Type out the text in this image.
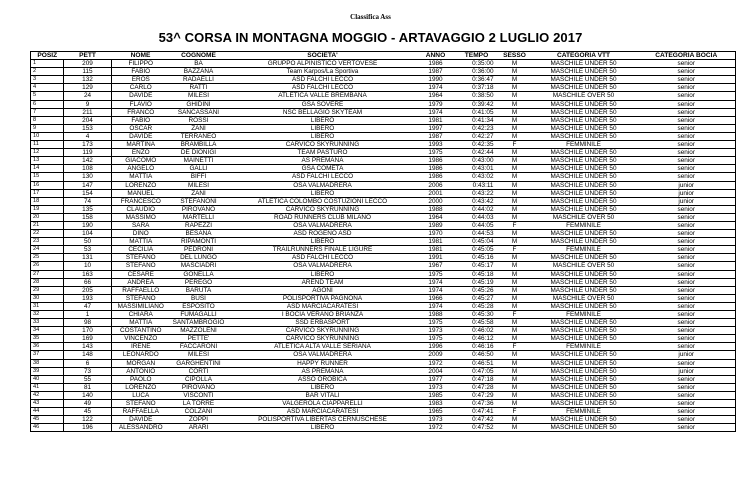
Classifica Ass
53^ CORSA IN MONTAGNA MOGGIO - ARTAVAGGIO 2 LUGLIO 2017
POSIZ	PETT	NOME	COGNOME	SOCIETA'	ANNO	TEMPO	SESSO	CATEGORIA VTT	CATEGORIA BOCIA
1	209	FILIPPO	BA	GRUPPO ALPINISTICO VERTOVESE	1986	0:35:00	M	MASCHILE UNDER 50	senior
2	115	FABIO	BAZZANA	Team Karpos/La Sportiva	1987	0:36:00	M	MASCHILE UNDER 50	senior
3	132	EROS	RADAELLI	ASD FALCHI LECCO	1990	0:36:47	M	MASCHILE UNDER 50	senior
4	129	CARLO	RATTI	ASD FALCHI LECCO	1974	0:37:18	M	MASCHILE UNDER 50	senior
5	24	DAVIDE	MILESI	ATLETICA VALLE BREMBANA	1964	0:38:50	M	MASCHILE OVER 50	senior
6	9	FLAVIO	GHIDINI	GSA SOVERE	1979	0:39:42	M	MASCHILE UNDER 50	senior
7	211	FRANCO	SANCASSANI	NSC BELLAGIO SKYTEAM	1974	0:41:05	M	MASCHILE UNDER 50	senior
8	204	FABIO	ROSSI	LIBERO	1981	0:41:34	M	MASCHILE UNDER 50	senior
9	153	OSCAR	ZANI	LIBERO	1997	0:42:23	M	MASCHILE UNDER 50	senior
10	4	DAVIDE	TERRANEO	LIBERO	1987	0:42:27	M	MASCHILE UNDER 50	senior
11	173	MARTINA	BRAMBILLA	CARVICO SKYRUNNING	1993	0:42:35	F	FEMMINILE	senior
12	119	ENZO	DE DIONIGI	TEAM PASTURO	1975	0:42:44	M	MASCHILE UNDER 50	senior
13	142	GIACOMO	MAINETTI	AS PREMANA	1986	0:43:00	M	MASCHILE UNDER 50	senior
14	108	ANGELO	GALLI	GSA COMETA	1986	0:43:01	M	MASCHILE UNDER 50	senior
15	130	MATTIA	BIFFI	ASD FALCHI LECCO	1986	0:43:02	M	MASCHILE UNDER 50	senior
16	147	LORENZO	MILESI	OSA VALMADRERA	2006	0:43:11	M	MASCHILE UNDER 50	junior
17	154	MANUEL	ZANI	LIBERO	2001	0:43:22	M	MASCHILE UNDER 50	junior
18	74	FRANCESCO	STEFANONI	ATLETICA COLOMBO COSTUZIONI LECCO	2000	0:43:42	M	MASCHILE UNDER 50	junior
19	135	CLAUDIO	PIROVANO	CARVICO SKYRUNNING	1988	0:44:02	M	MASCHILE UNDER 50	senior
20	158	MASSIMO	MARTELLI	ROAD RUNNERS CLUB MILANO	1964	0:44:03	M	MASCHILE OVER 50	senior
21	190	SARA	RAPEZZI	OSA VALMADRERA	1989	0:44:05	F	FEMMINILE	senior
22	104	DINO	BESANA	ASD ROGENO ASD	1970	0:44:53	M	MASCHILE UNDER 50	senior
23	50	MATTIA	RIPAMONTI	LIBERO	1981	0:45:04	M	MASCHILE UNDER 50	senior
24	53	CECILIA	PEDRONI	TRAILRUNNERS FINALE LIGURE	1981	0:45:05	F	FEMMINILE	senior
25	131	STEFANO	DEL LUNGO	ASD FALCHI LECCO	1991	0:45:16	M	MASCHILE UNDER 50	senior
26	10	STEFANO	MASCIADRI	OSA VALMADRERA	1967	0:45:17	M	MASCHILE OVER 50	senior
27	163	CESARE	GONELLA	LIBERO	1975	0:45:18	M	MASCHILE UNDER 50	senior
28	66	ANDREA	PEREGO	AREND TEAM	1974	0:45:19	M	MASCHILE UNDER 50	senior
29	205	RAFFAELLO	BARUTA	AGONI	1974	0:45:26	M	MASCHILE UNDER 50	senior
30	193	STEFANO	BUSI	POLISPORTIVA PAGNONA	1966	0:45:27	M	MASCHILE OVER 50	senior
31	47	MASSIMILIANO	ESPOSITO	ASD MARCIACARATESI	1974	0:45:28	M	MASCHILE UNDER 50	senior
32	1	CHIARA	FUMAGALLI	I BOCIA VERANO BRIANZA	1988	0:45:30	F	FEMMINILE	senior
33	98	MATTIA	SANTAMBROGIO	SSD ERBASPORT	1975	0:45:58	M	MASCHILE UNDER 50	senior
34	170	COSTANTINO	MAZZOLENI	CARVICO SKYRUNNING	1973	0:46:02	M	MASCHILE UNDER 50	senior
35	169	VINCENZO	PETTE'	CARVICO SKYRUNNING	1975	0:46:12	M	MASCHILE UNDER 50	senior
36	143	IRENE	FACCARONI	ATLETICA ALTA VALLE SERIANA	1996	0:46:16	F	FEMMINILE	senior
37	148	LEONARDO	MILESI	OSA VALMADRERA	2009	0:46:50	M	MASCHILE UNDER 50	junior
38	6	MORGAN	GARGHENTINI	HAPPY RUNNER	1972	0:46:51	M	MASCHILE UNDER 50	senior
39	73	ANTONIO	CORTI	AS PREMANA	2004	0:47:05	M	MASCHILE UNDER 50	junior
40	55	PAOLO	CIPOLLA	ASSO OROBICA	1977	0:47:18	M	MASCHILE UNDER 50	senior
41	81	LORENZO	PIROVANO	LIBERO	1973	0:47:28	M	MASCHILE UNDER 50	senior
42	140	LUCA	VISCONTI	BAR VITALI	1985	0:47:29	M	MASCHILE UNDER 50	senior
43	49	STEFANO	LA TORRE	VALGEROLA CIAPPARELLI	1983	0:47:36	M	MASCHILE UNDER 50	senior
44	45	RAFFAELLA	COLZANI	ASD MARCIACARATESI	1965	0:47:41	F	FEMMINILE	senior
45	122	DAVIDE	ZOPPI	POLISPORTIVA LIBERTAS CERNUSCHESE	1973	0:47:42	M	MASCHILE UNDER 50	senior
46	196	ALESSANDRO	ARARI	LIBERO	1972	0:47:52	M	MASCHILE UNDER 50	senior
